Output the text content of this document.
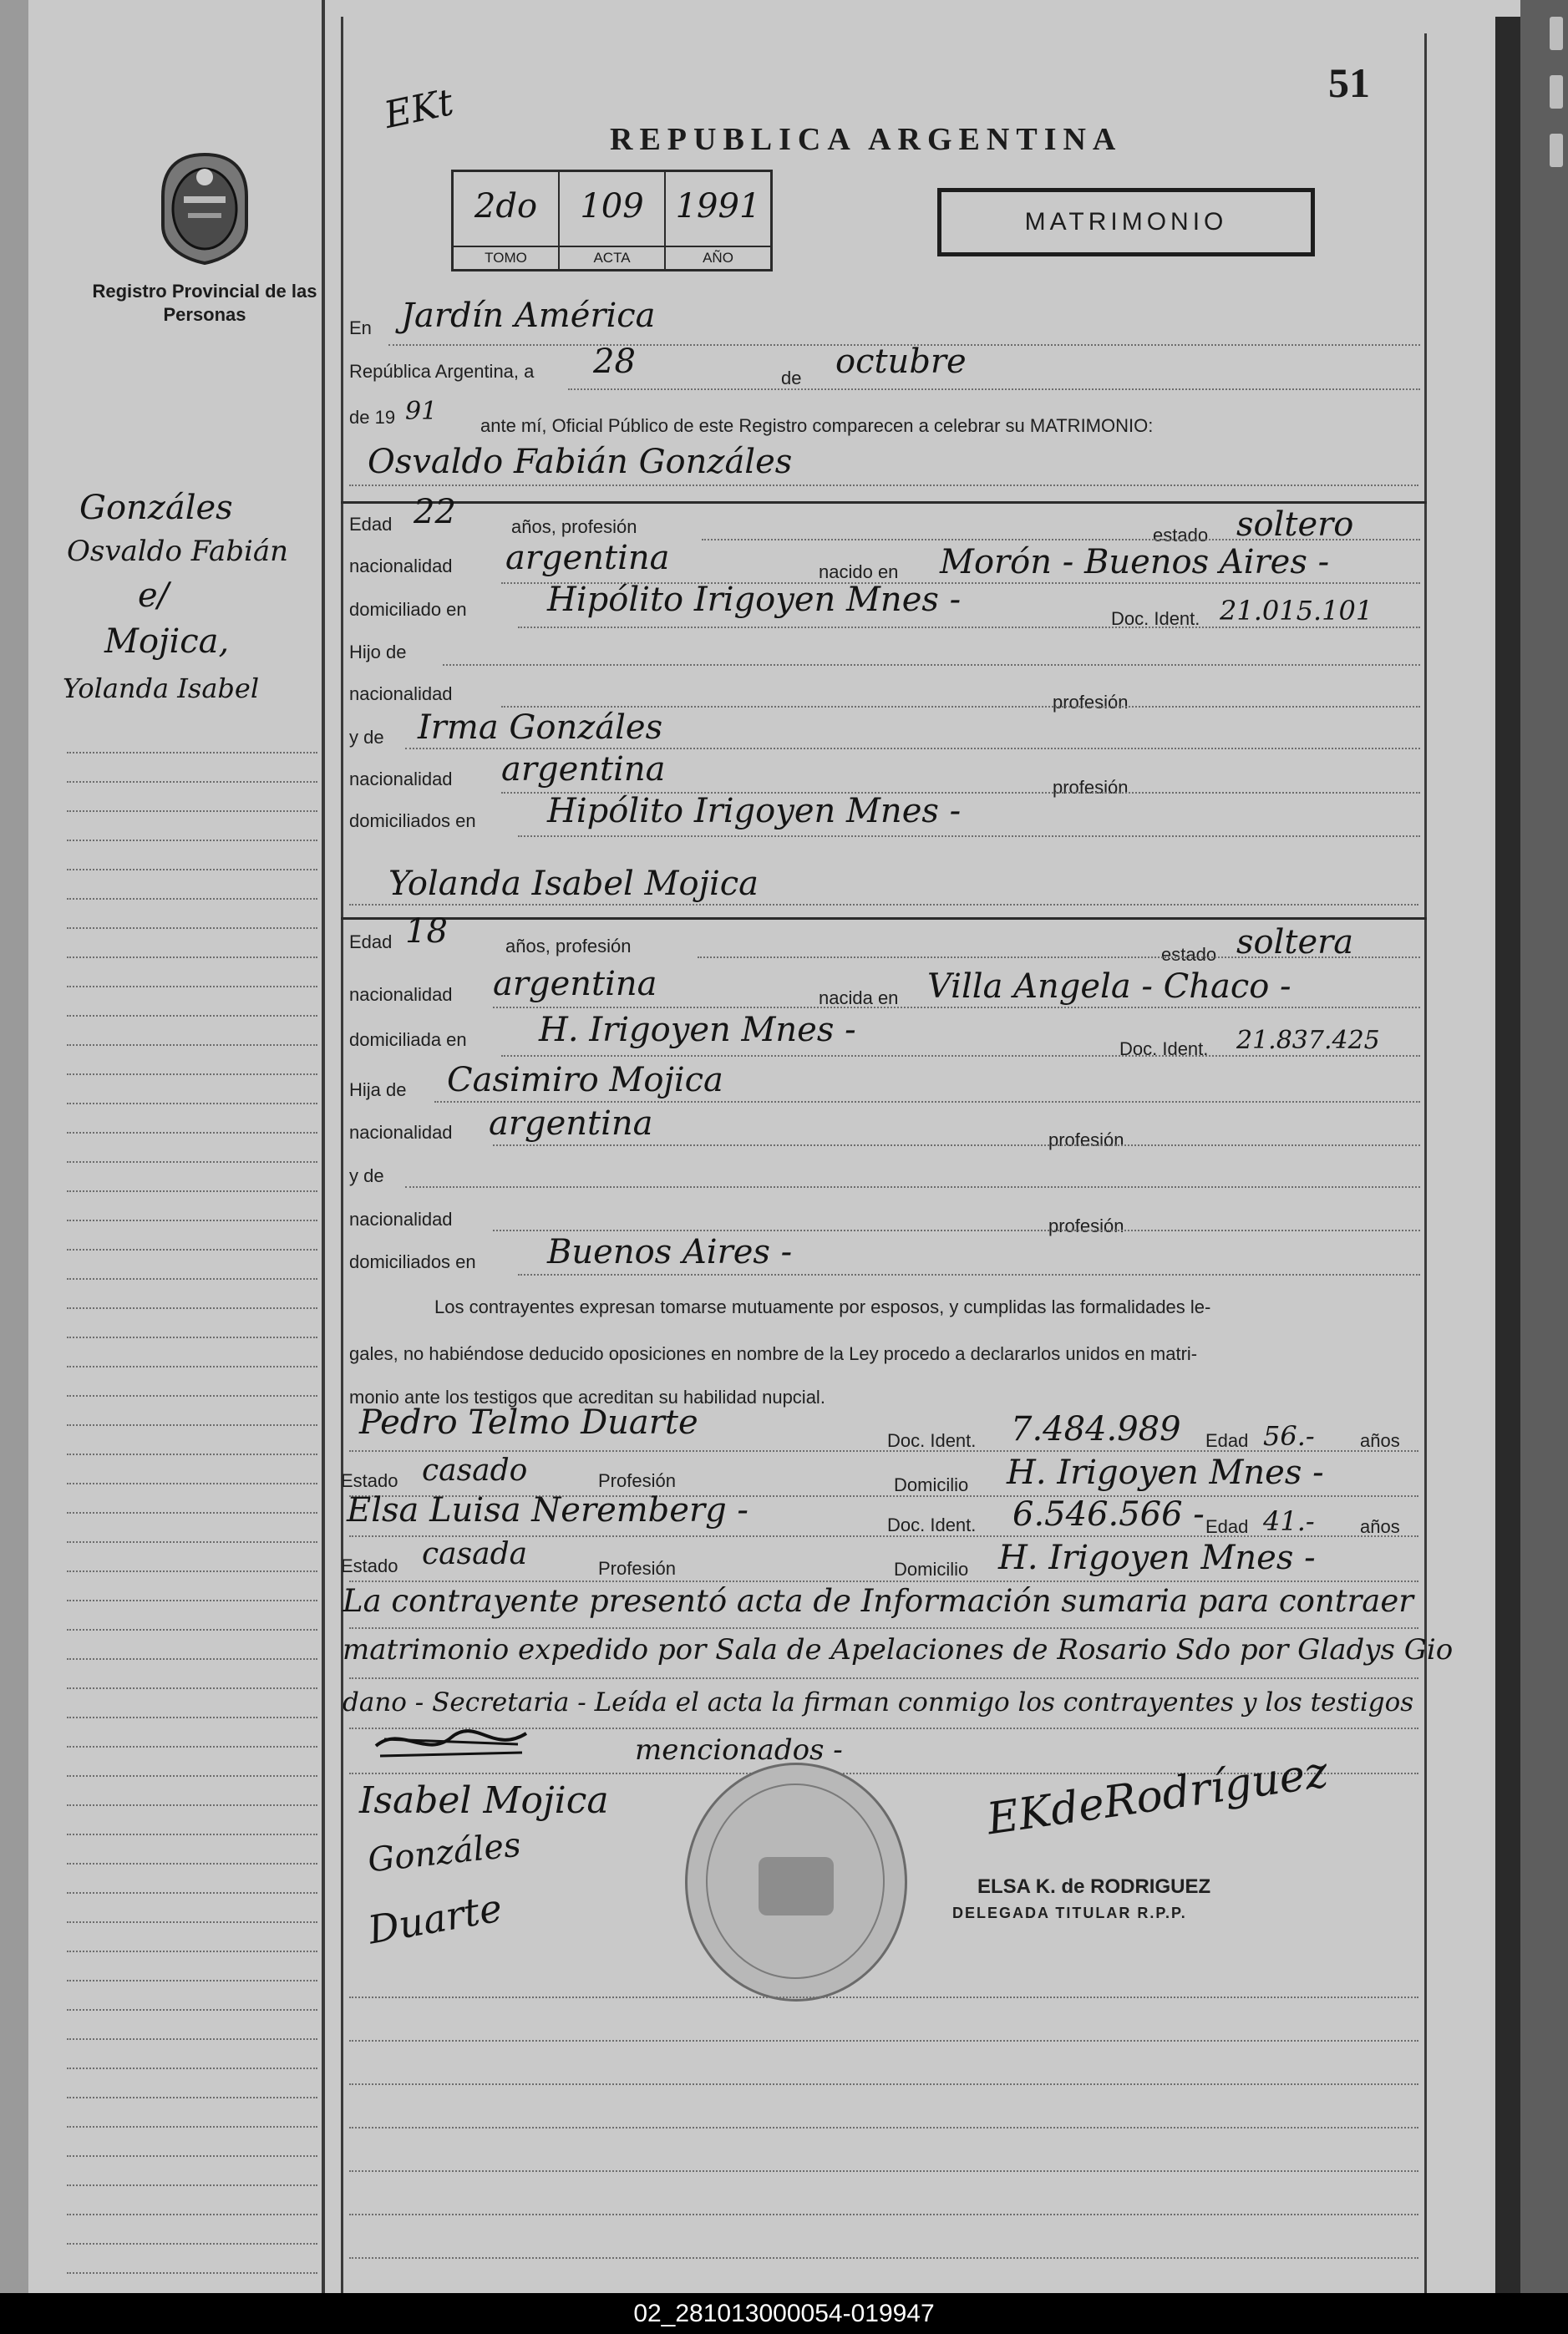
Registro Provincial de las Personas
EKt
REPUBLICA ARGENTINA
51
2do
TOMO
109
ACTA
1991
AÑO
MATRIMONIO
Gonzáles
Osvaldo Fabián
e/
Mojica,
Yolanda Isabel
En Jardín América
República Argentina, a 28	de octubre
de 19 91 ante mí, Oficial Público de este Registro comparecen a celebrar su MATRIMONIO:
Osvaldo Fabián Gonzáles
Edad 22	años, profesión	estado soltero
nacionalidad argentina	nacido en Morón - Buenos Aires -
domiciliado en Hipólito Irigoyen Mnes -	Doc. Ident. 21.015.101
Hijo de
nacionalidad	profesión
y de Irma Gonzáles
nacionalidad argentina	profesión
domiciliados en Hipólito Irigoyen Mnes -
Yolanda Isabel Mojica
Edad 18	años, profesión	estado soltera
nacionalidad argentina	nacida en Villa Angela - Chaco -
domiciliada en H. Irigoyen Mnes -	Doc. Ident. 21.837.425
Hija de Casimiro Mojica
nacionalidad argentina	profesión
y de
nacionalidad	profesión
domiciliados en Buenos Aires -
Los contrayentes expresan tomarse mutuamente por esposos, y cumplidas las formalidades le-
gales, no habiéndose deducido oposiciones en nombre de la Ley procedo a declararlos unidos en matri-
monio ante los testigos que acreditan su habilidad nupcial.
Pedro Telmo Duarte	Doc. Ident. 7.484.989 Edad 56.- años
Estado casado	Profesión	Domicilio H. Irigoyen Mnes -
Elsa Luisa Neremberg -	Doc. Ident. 6.546.566 - Edad 41.- años
Estado casada	Profesión	Domicilio H. Irigoyen Mnes -
La contrayente presentó acta de Información sumaria para contraer
matrimonio expedido por Sala de Apelaciones de Rosario Sdo por Gladys Gio
dano - Secretaria - Leída el acta la firman conmigo los contrayentes y los testigos
mencionados -
Isabel Mojica
Gonzáles
Duarte
EKdeRodríguez
ELSA K. de RODRIGUEZ
DELEGADA TITULAR R.P.P.
02_281013000054-019947
